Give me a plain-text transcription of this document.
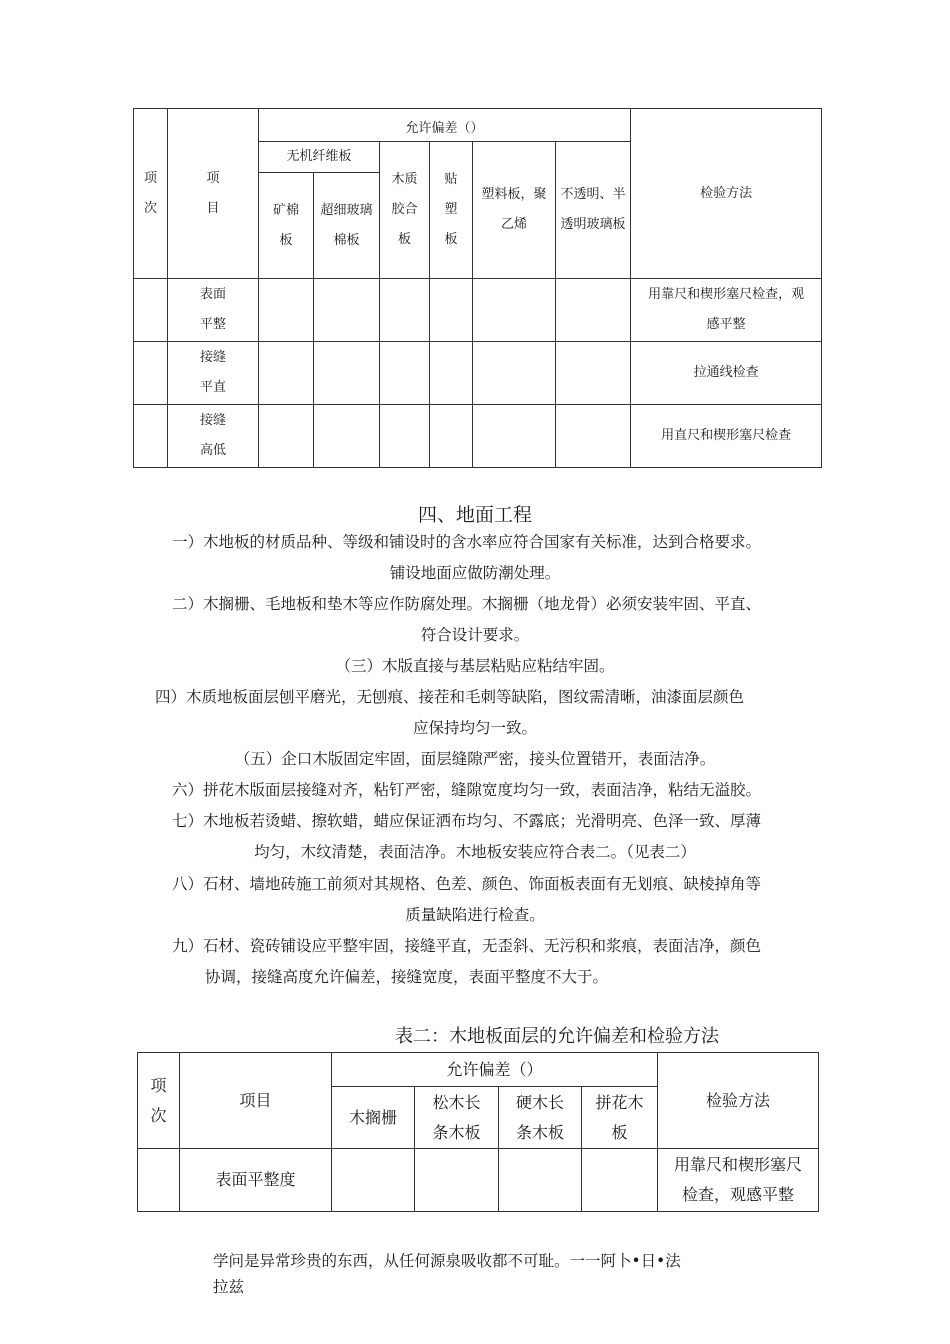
项次	项目	允许偏差（）						检验方法
		无机纤维板		木质胶合板	贴塑板	塑料板，聚乙烯	不透明、半透明玻璃板	

		矿棉板	超细玻璃棉板					

	表面平整							用靠尺和楔形塞尺检查，观感平整

	接缝平直							拉通线检查

	接缝高低							用直尺和楔形塞尺检查
四、地面工程
一）木地板的材质品种、等级和铺设时的含水率应符合国家有关标准，达到合格要求。
铺设地面应做防潮处理。
二）木搁栅、毛地板和垫木等应作防腐处理。木搁栅（地龙骨）必须安装牢固、平直、
符合设计要求。
（三）木版直接与基层粘贴应粘结牢固。
四）木质地板面层刨平磨光，无刨痕、接茬和毛刺等缺陷，图纹需清晰，油漆面层颜色
应保持均匀一致。
（五）企口木版固定牢固，面层缝隙严密，接头位置错开，表面洁净。
六）拼花木版面层接缝对齐，粘钉严密，缝隙宽度均匀一致，表面洁净，粘结无溢胶。
七）木地板若烫蜡、擦软蜡，蜡应保证洒布均匀、不露底；光滑明亮、色泽一致、厚薄
均匀，木纹清楚，表面洁净。木地板安装应符合表二。（见表二）
八）石材、墙地砖施工前须对其规格、色差、颜色、饰面板表面有无划痕、缺棱掉角等
质量缺陷进行检查。
九）石材、瓷砖铺设应平整牢固，接缝平直，无歪斜、无污积和浆痕，表面洁净，颜色
协调，接缝高度允许偏差，接缝宽度，表面平整度不大于。
表二：木地板面层的允许偏差和检验方法
项次	项目	允许偏差（）				检验方法
		木搁栅	松木长条木板	硬木长条木板	拼花木板	

	表面平整度					用靠尺和楔形塞尺检查，观感平整
学问是异常珍贵的东西，从任何源泉吸收都不可耻。一一阿卜•日•法
拉兹
